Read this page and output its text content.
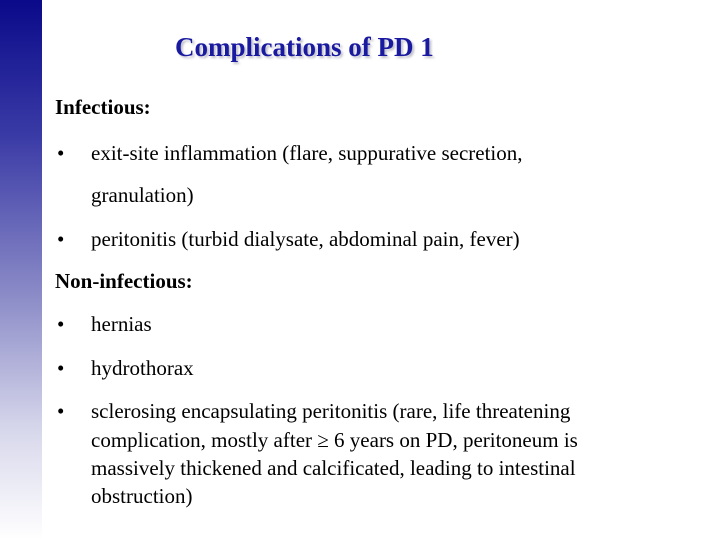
Complications of PD 1
Infectious:
• exit-site inflammation (flare, suppurative secretion,
granulation)
• peritonitis (turbid dialysate, abdominal pain, fever)
Non-infectious:
• hernias
• hydrothorax
• sclerosing encapsulating peritonitis (rare, life threatening
complication, mostly after ≥ 6 years on PD, peritoneum is
massively thickened and calcificated, leading to intestinal
obstruction)
